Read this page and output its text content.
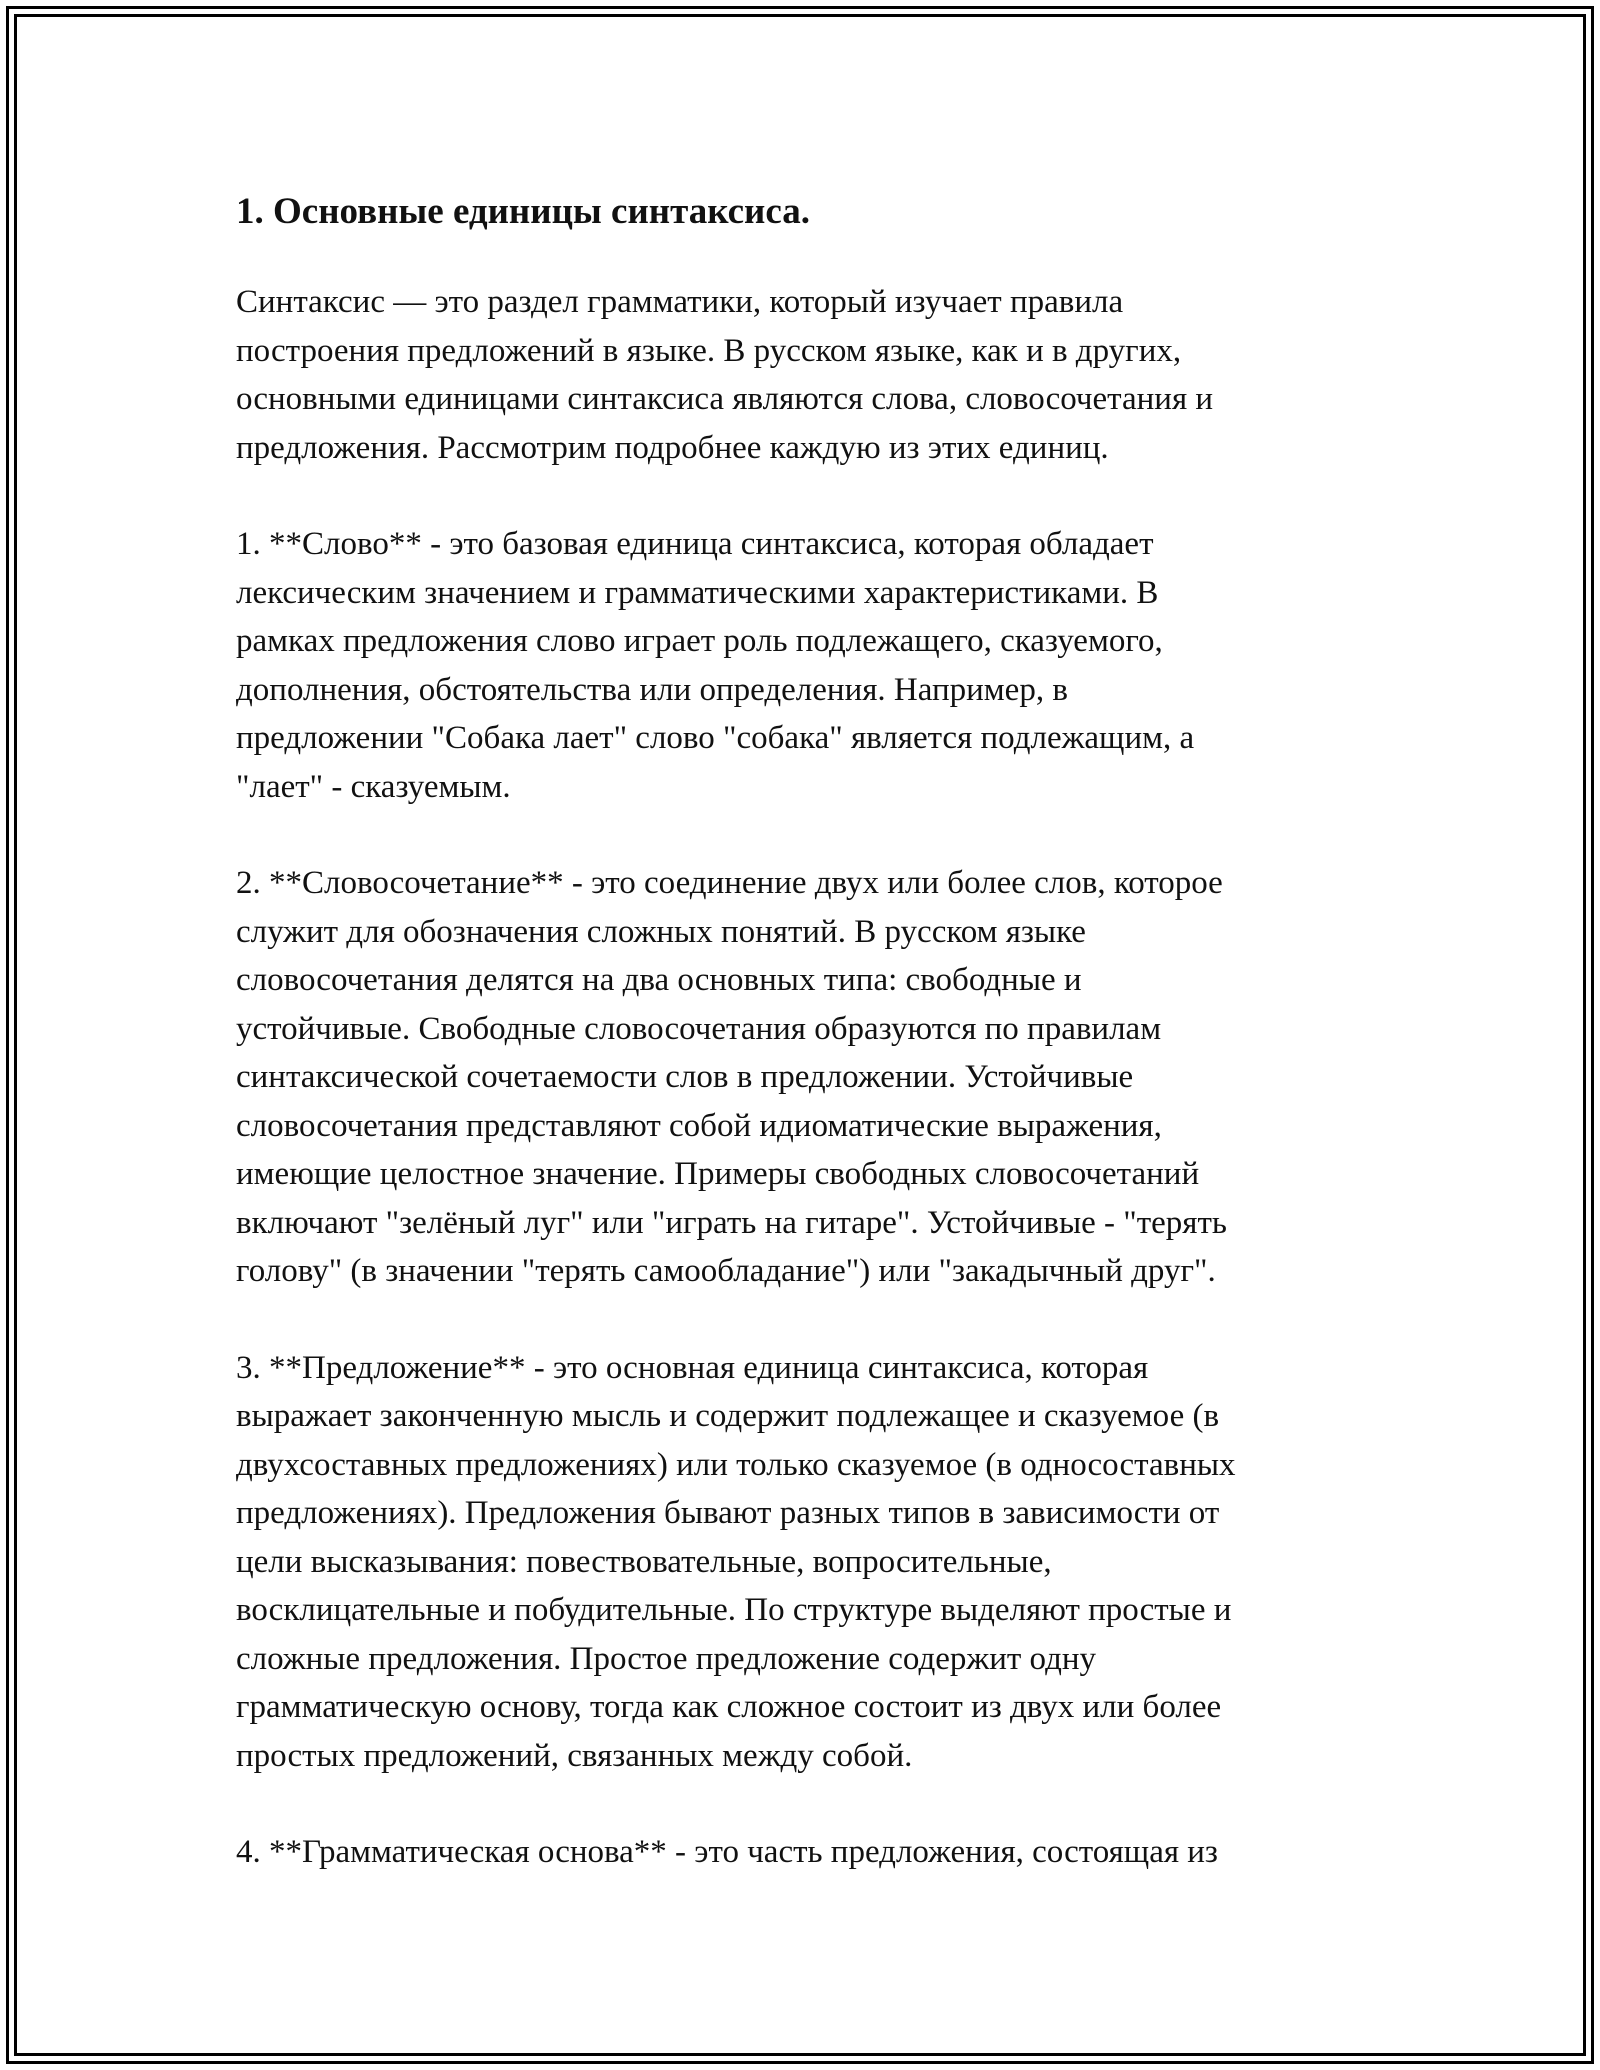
1. Основные единицы синтаксиса.

Синтаксис — это раздел грамматики, который изучает правила
построения предложений в языке. В русском языке, как и в других,
основными единицами синтаксиса являются слова, словосочетания и
предложения. Рассмотрим подробнее каждую из этих единиц.

1. **Слово** - это базовая единица синтаксиса, которая обладает
лексическим значением и грамматическими характеристиками. В
рамках предложения слово играет роль подлежащего, сказуемого,
дополнения, обстоятельства или определения. Например, в
предложении "Собака лает" слово "собака" является подлежащим, а
"лает" - сказуемым.

2. **Словосочетание** - это соединение двух или более слов, которое
служит для обозначения сложных понятий. В русском языке
словосочетания делятся на два основных типа: свободные и
устойчивые. Свободные словосочетания образуются по правилам
синтаксической сочетаемости слов в предложении. Устойчивые
словосочетания представляют собой идиоматические выражения,
имеющие целостное значение. Примеры свободных словосочетаний
включают "зелёный луг" или "играть на гитаре". Устойчивые - "терять
голову" (в значении "терять самообладание") или "закадычный друг".

3. **Предложение** - это основная единица синтаксиса, которая
выражает законченную мысль и содержит подлежащее и сказуемое (в
двухсоставных предложениях) или только сказуемое (в односоставных
предложениях). Предложения бывают разных типов в зависимости от
цели высказывания: повествовательные, вопросительные,
восклицательные и побудительные. По структуре выделяют простые и
сложные предложения. Простое предложение содержит одну
грамматическую основу, тогда как сложное состоит из двух или более
простых предложений, связанных между собой.

4. **Грамматическая основа** - это часть предложения, состоящая из
